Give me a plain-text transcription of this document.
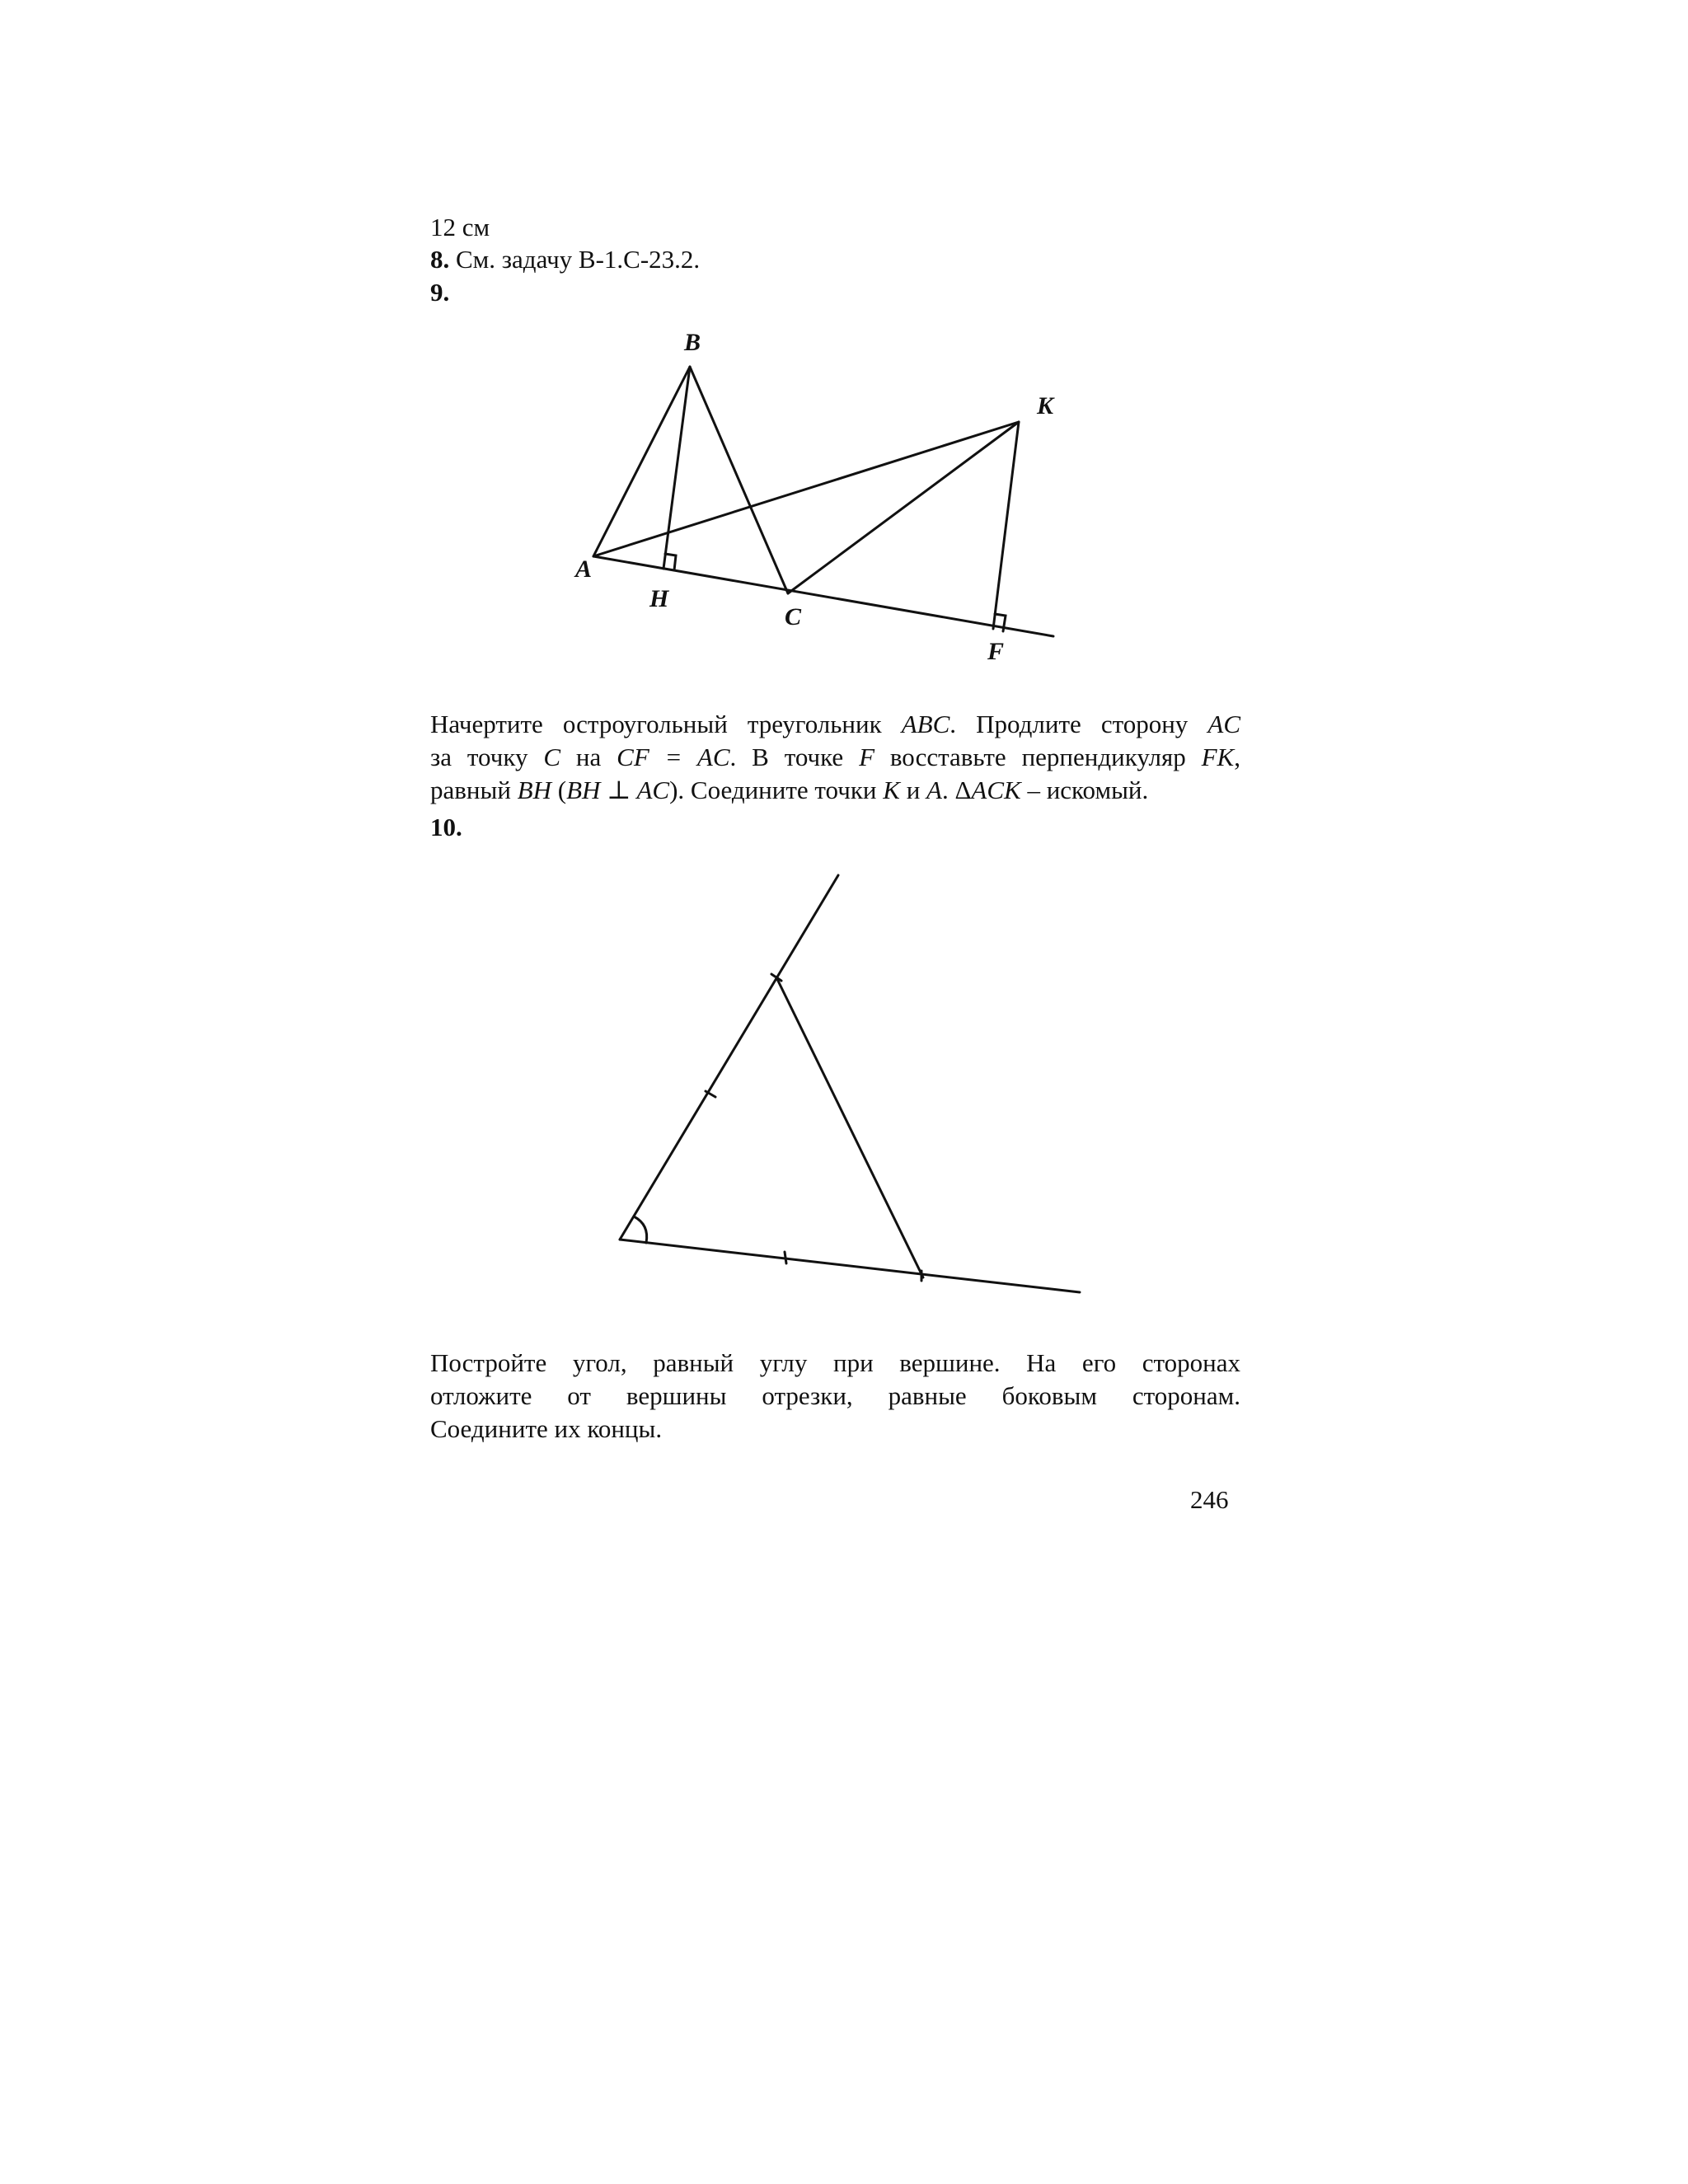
12 см
8. См. задачу В-1.С-23.2.
9.
B
K
A
H
C
F
Начертите остроугольный треугольник ABC. Продлите сторону AC
за точку C на CF = AC. В точке F восставьте перпендикуляр FK,
равный BH (BH ⊥ AC). Соедините точки K и A. ΔACK – искомый.
10.
Постройте угол, равный углу при вершине. На его сторонах
отложите от вершины отрезки, равные боковым сторонам.
Соедините их концы.
246
